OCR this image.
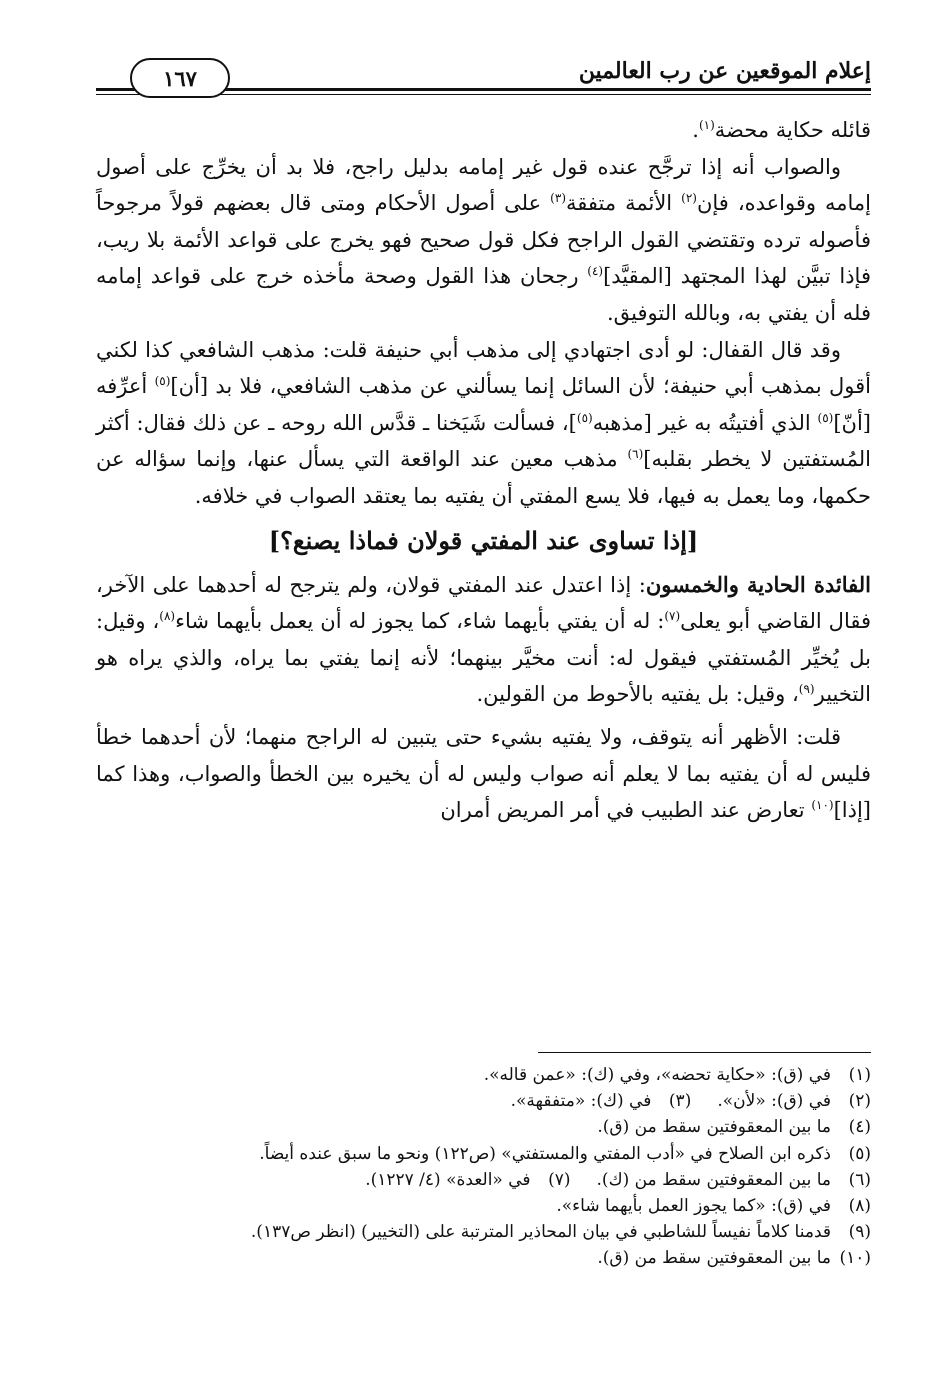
إعلام الموقعين عن رب العالمين
١٦٧

قائله حكاية محضة$^{(١)}$.

والصواب أنه إذا ترجَّح عنده قول غير إمامه بدليل راجح، فلا بد أن يخرِّج على أصول إمامه وقواعده، فإن$^{(٢)}$ الأئمة متفقة$^{(٣)}$ على أصول الأحكام ومتى قال بعضهم قولاً مرجوحاً فأصوله ترده وتقتضي القول الراجح فكل قول صحيح فهو يخرج على قواعد الأئمة بلا ريب، فإذا تبيَّن لهذا المجتهد [المقيَّد]$^{(٤)}$ رجحان هذا القول وصحة مأخذه خرج على قواعد إمامه فله أن يفتي به، وبالله التوفيق.

وقد قال القفال: لو أدى اجتهادي إلى مذهب أبي حنيفة قلت: مذهب الشافعي كذا لكني أقول بمذهب أبي حنيفة؛ لأن السائل إنما يسألني عن مذهب الشافعي، فلا بد [أن]$^{(٥)}$ أعرِّفه [أنّ]$^{(٥)}$ الذي أفتيتُه به غير [مذهبه$^{(٥)}$]، فسألت شَيَخنا ـ قدَّس الله روحه ـ عن ذلك فقال: أكثر المُستفتين لا يخطر بقلبه]$^{(٦)}$ مذهب معين عند الواقعة التي يسأل عنها، وإنما سؤاله عن حكمها، وما يعمل به فيها، فلا يسع المفتي أن يفتيه بما يعتقد الصواب في خلافه.

[إذا تساوى عند المفتي قولان فماذا يصنع؟]

الفائدة الحادية والخمسون: إذا اعتدل عند المفتي قولان، ولم يترجح له أحدهما على الآخر، فقال القاضي أبو يعلى$^{(٧)}$: له أن يفتي بأيهما شاء، كما يجوز له أن يعمل بأيهما شاء$^{(٨)}$، وقيل: بل يُخيِّر المُستفتي فيقول له: أنت مخيَّر بينهما؛ لأنه إنما يفتي بما يراه، والذي يراه هو التخيير$^{(٩)}$، وقيل: بل يفتيه بالأحوط من القولين.

قلت: الأظهر أنه يتوقف، ولا يفتيه بشيء حتى يتبين له الراجح منهما؛ لأن أحدهما خطأ فليس له أن يفتيه بما لا يعلم أنه صواب وليس له أن يخيره بين الخطأ والصواب، وهذا كما [إذا]$^{(١٠)}$ تعارض عند الطبيب في أمر المريض أمران

(١)في (ق): «حكاية تحضه»، وفي (ك): «عمن قاله».
(٢)في (ق): «لأن».(٣)في (ك): «متفقهة».
(٤)ما بين المعقوفتين سقط من (ق).
(٥)ذكره ابن الصلاح في «أدب المفتي والمستفتي» (ص١٢٢) ونحو ما سبق عنده أيضاً.
(٦)ما بين المعقوفتين سقط من (ك).(٧)في «العدة» (٤/ ١٢٢٧).
(٨)في (ق): «كما يجوز العمل بأيهما شاء».
(٩)قدمنا كلاماً نفيساً للشاطبي في بيان المحاذير المترتبة على (التخيير) (انظر ص١٣٧).
(١٠)ما بين المعقوفتين سقط من (ق).
